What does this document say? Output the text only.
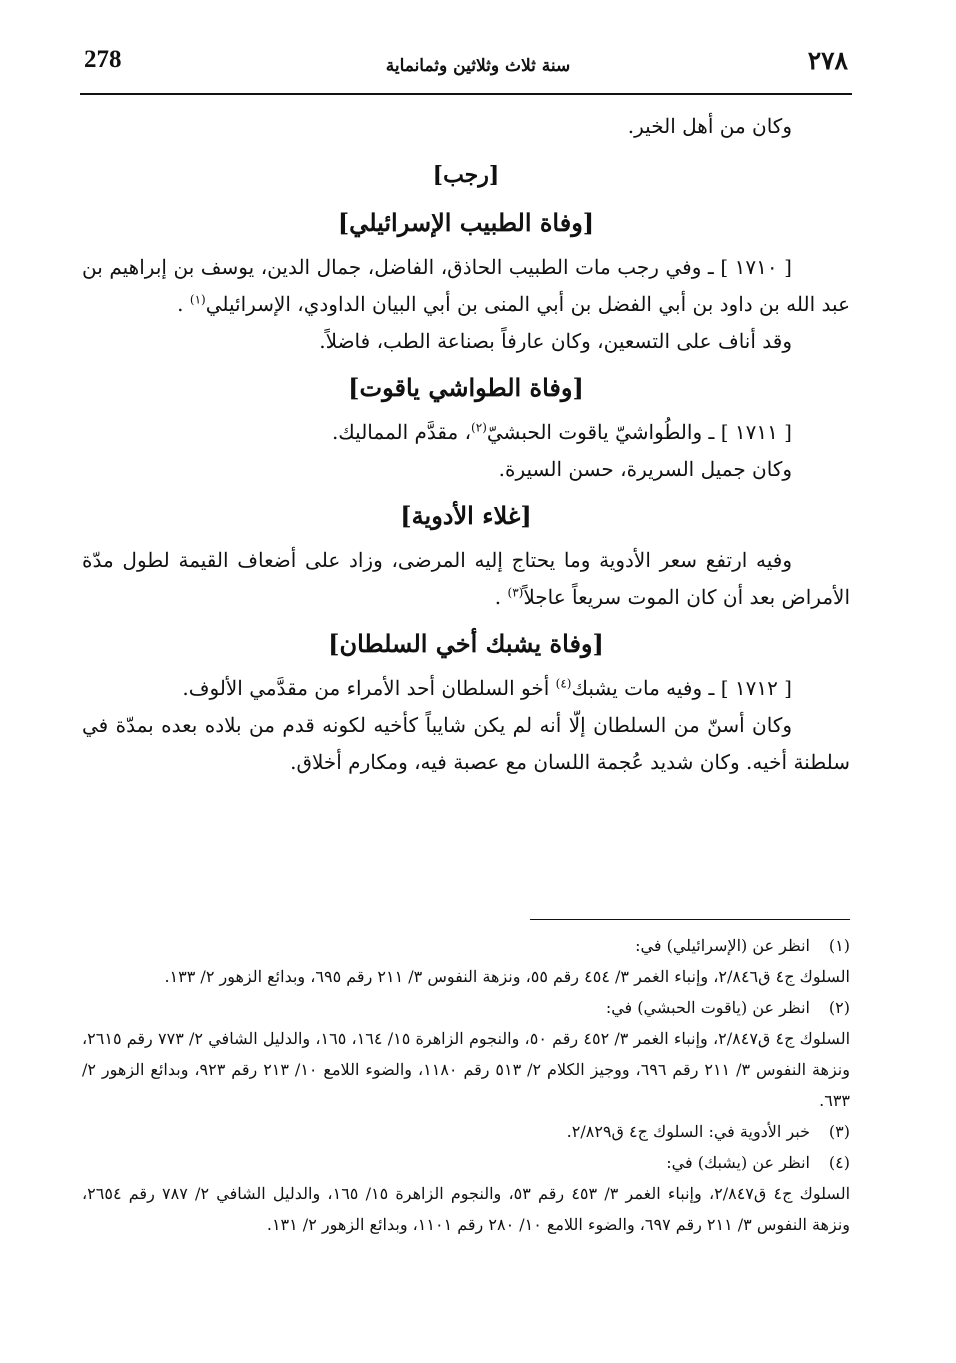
278	سنة ثلاث وثلاثين وثمانماية	٢٧٨

وكان من أهل الخير.

[رجب]
[وفاة الطبيب الإسرائيلي]

[ ١٧١٠ ] ـ وفي رجب مات الطبيب الحاذق، الفاضل، جمال الدين، يوسف بن إبراهيم بن عبد الله بن داود بن أبي الفضل بن أبي المنى بن أبي البيان الداودي، الإسرائيلي$^{(١)}$ .

وقد أناف على التسعين، وكان عارفاً بصناعة الطب، فاضلاً.

[وفاة الطواشي ياقوت]

[ ١٧١١ ] ـ والطُواشيّ ياقوت الحبشيّ$^{(٢)}$، مقدَّم المماليك.

وكان جميل السريرة، حسن السيرة.

[غلاء الأدوية]

وفيه ارتفع سعر الأدوية وما يحتاج إليه المرضى، وزاد على أضعاف القيمة لطول مدّة الأمراض بعد أن كان الموت سريعاً عاجلاً$^{(٣)}$ .

[وفاة يشبك أخي السلطان]

[ ١٧١٢ ] ـ وفيه مات يشبك$^{(٤)}$ أخو السلطان أحد الأمراء من مقدَّمي الألوف.

وكان أسنّ من السلطان إلّا أنه لم يكن شايباً كأخيه لكونه قدم من بلاده بعده بمدّة في سلطنة أخيه. وكان شديد عُجمة اللسان مع عصبة فيه، ومكارم أخلاق.

(١)
انظر عن (الإسرائيلي) في:

السلوك ج٤ ق٢/٨٤٦، وإنباء الغمر ٣/ ٤٥٤ رقم ٥٥، ونزهة النفوس ٣/ ٢١١ رقم ٦٩٥، وبدائع الزهور ٢/ ١٣٣.

(٢)
انظر عن (ياقوت الحبشي) في:

السلوك ج٤ ق٢/٨٤٧، وإنباء الغمر ٣/ ٤٥٢ رقم ٥٠، والنجوم الزاهرة ١٥/ ١٦٤، ١٦٥، والدليل الشافي ٢/ ٧٧٣ رقم ٢٦١٥، ونزهة النفوس ٣/ ٢١١ رقم ٦٩٦، ووجيز الكلام ٢/ ٥١٣ رقم ١١٨٠، والضوء اللامع ١٠/ ٢١٣ رقم ٩٢٣، وبدائع الزهور ٢/ ٦٣٣.

(٣)
خبر الأدوية في: السلوك ج٤ ق٢/٨٢٩.
(٤)
انظر عن (يشبك) في:

السلوك ج٤ ق٢/٨٤٧، وإنباء الغمر ٣/ ٤٥٣ رقم ٥٣، والنجوم الزاهرة ١٥/ ١٦٥، والدليل الشافي ٢/ ٧٨٧ رقم ٢٦٥٤، ونزهة النفوس ٣/ ٢١١ رقم ٦٩٧، والضوء اللامع ١٠/ ٢٨٠ رقم ١١٠١، وبدائع الزهور ٢/ ١٣١.
